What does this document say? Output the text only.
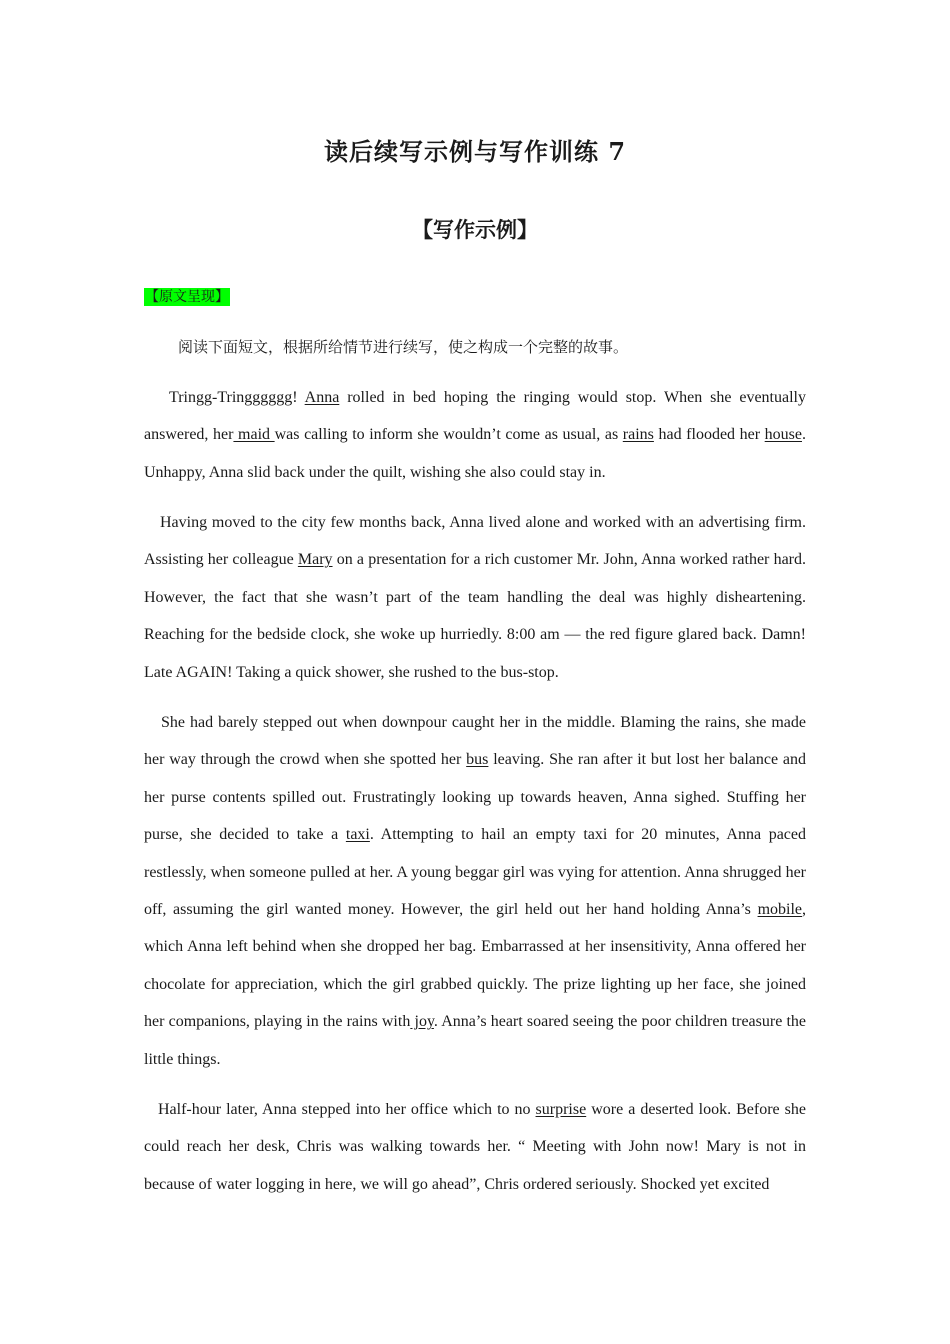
读后续写示例与写作训练 7
【写作示例】
【原文呈现】
阅读下面短文，根据所给情节进行续写，使之构成一个完整的故事。

Tringg-Tringggggg! Anna rolled in bed hoping the ringing would stop. When she eventually answered, her maid was calling to inform she wouldn’t come as usual, as rains had flooded her house. Unhappy, Anna slid back under the quilt, wishing she also could stay in.

Having moved to the city few months back, Anna lived alone and worked with an advertising firm. Assisting her colleague Mary on a presentation for a rich customer Mr. John, Anna worked rather hard. However, the fact that she wasn’t part of the team handling the deal was highly disheartening. Reaching for the bedside clock, she woke up hurriedly. 8:00 am — the red figure glared back. Damn! Late AGAIN! Taking a quick shower, she rushed to the bus-stop.

She had barely stepped out when downpour caught her in the middle. Blaming the rains, she made her way through the crowd when she spotted her bus leaving. She ran after it but lost her balance and her purse contents spilled out. Frustratingly looking up towards heaven, Anna sighed. Stuffing her purse, she decided to take a taxi. Attempting to hail an empty taxi for 20 minutes, Anna paced restlessly, when someone pulled at her. A young beggar girl was vying for attention. Anna shrugged her off, assuming the girl wanted money. However, the girl held out her hand holding Anna’s mobile, which Anna left behind when she dropped her bag. Embarrassed at her insensitivity, Anna offered her chocolate for appreciation, which the girl grabbed quickly. The prize lighting up her face, she joined her companions, playing in the rains with joy. Anna’s heart soared seeing the poor children treasure the little things.

Half-hour later, Anna stepped into her office which to no surprise wore a deserted look. Before she could reach her desk, Chris was walking towards her. “ Meeting with John now! Mary is not in because of water logging in here, we will go ahead”, Chris ordered seriously. Shocked yet excited
